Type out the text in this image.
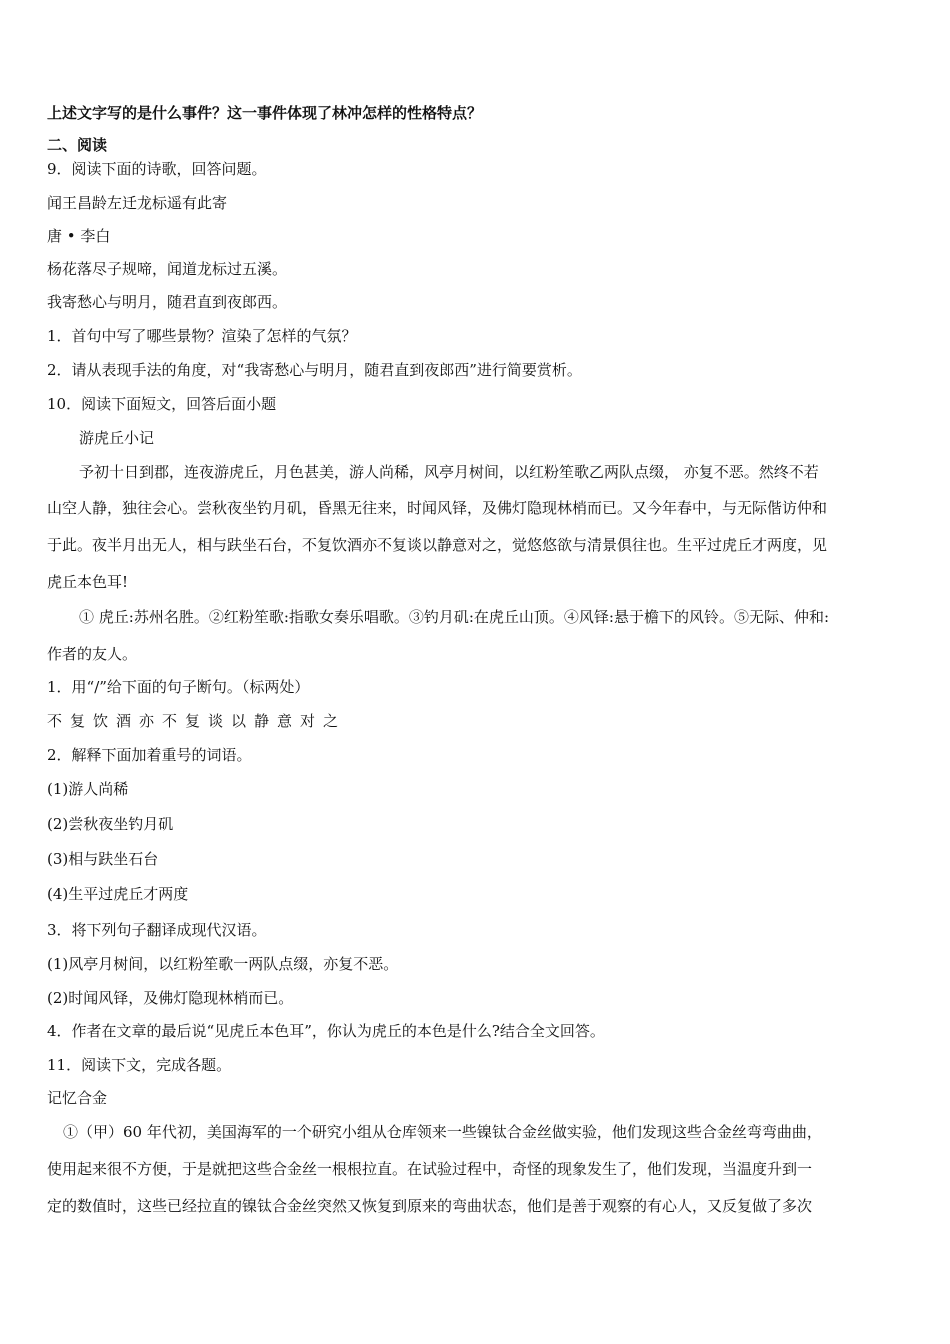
上述文字写的是什么事件？这一事件体现了林冲怎样的性格特点？
二、阅读
9．阅读下面的诗歌，回答问题。
闻王昌龄左迁龙标遥有此寄
唐 • 李白
杨花落尽子规啼，闻道龙标过五溪。
我寄愁心与明月，随君直到夜郎西。
1．首句中写了哪些景物？渲染了怎样的气氛？
2．请从表现手法的角度，对“我寄愁心与明月，随君直到夜郎西”进行简要赏析。
10．阅读下面短文，回答后面小题
游虎丘小记
予初十日到郡，连夜游虎丘，月色甚美，游人尚稀，风亭月树间，以红粉笙歌乙两队点缀， 亦复不恶。然终不若
山空人静，独往会心。尝秋夜坐钓月矶，昏黑无往来，时闻风铎，及佛灯隐现林梢而已。又今年春中，与无际偕访仲和
于此。夜半月出无人，相与趺坐石台，不复饮酒亦不复谈以静意对之，觉悠悠欲与清景俱往也。生平过虎丘才两度，见
虎丘本色耳!
① 虎丘:苏州名胜。②红粉笙歌:指歌女奏乐唱歌。③钓月矶:在虎丘山顶。④风铎:悬于檐下的风铃。⑤无际、仲和:
作者的友人。
1．用“/”给下面的句子断句。（标两处）
不复饮酒亦不复谈以静意对之
2．解释下面加着重号的词语。
(1)游人尚稀
(2)尝秋夜坐钓月矶
(3)相与趺坐石台
(4)生平过虎丘才两度
3．将下列句子翻译成现代汉语。
(1)风亭月树间，以红粉笙歌一两队点缀，亦复不恶。
(2)时闻风铎，及佛灯隐现林梢而已。
4．作者在文章的最后说“见虎丘本色耳”，你认为虎丘的本色是什么?结合全文回答。
11．阅读下文，完成各题。
记忆合金
①（甲）60 年代初，美国海军的一个研究小组从仓库领来一些镍钛合金丝做实验，他们发现这些合金丝弯弯曲曲，
使用起来很不方便，于是就把这些合金丝一根根拉直。在试验过程中，奇怪的现象发生了，他们发现，当温度升到一
定的数值时，这些已经拉直的镍钛合金丝突然又恢复到原来的弯曲状态，他们是善于观察的有心人，又反复做了多次
